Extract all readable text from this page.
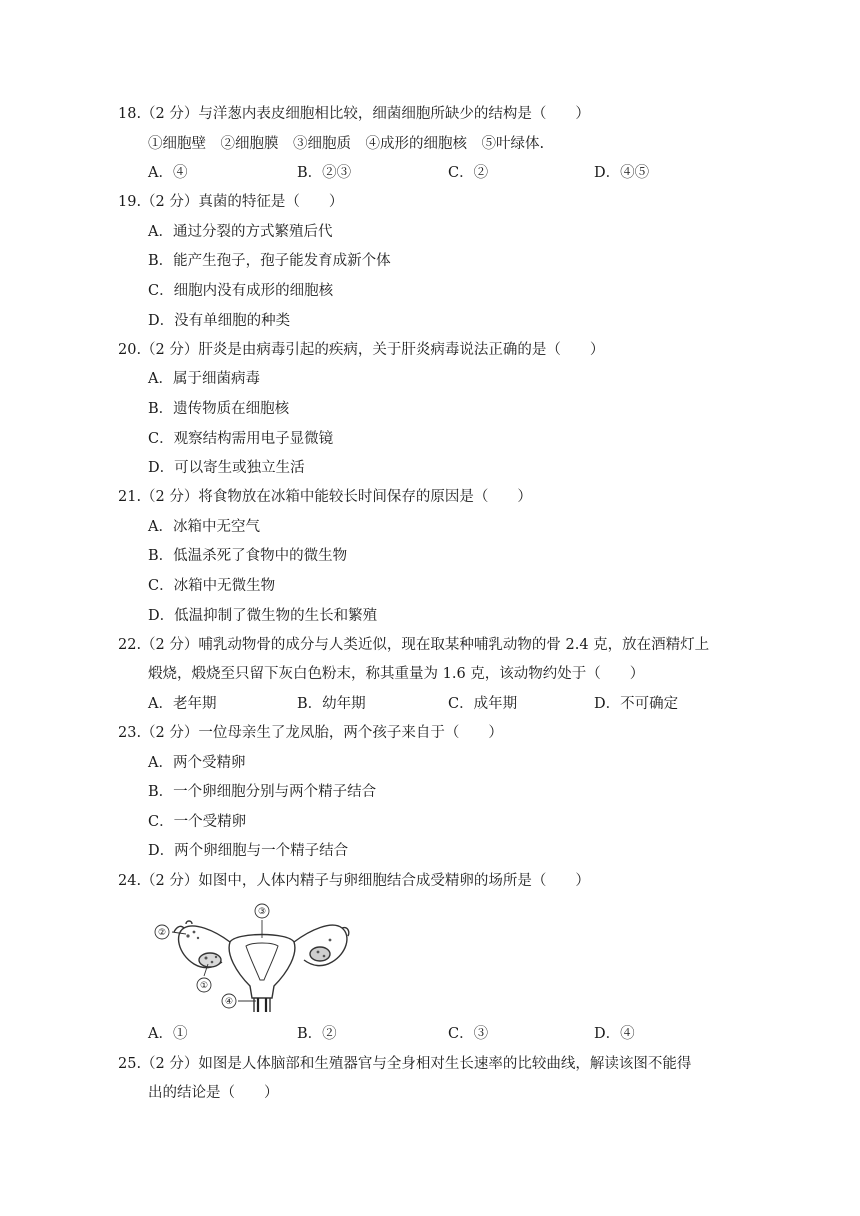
18.（2 分）与洋葱内表皮细胞相比较，细菌细胞所缺少的结构是（　　）
①细胞壁　②细胞膜　③细胞质　④成形的细胞核　⑤叶绿体.
A．④	B．②③	C．②	D．④⑤
19.（2 分）真菌的特征是（　　）
A．通过分裂的方式繁殖后代
B．能产生孢子，孢子能发育成新个体
C．细胞内没有成形的细胞核
D．没有单细胞的种类
20.（2 分）肝炎是由病毒引起的疾病，关于肝炎病毒说法正确的是（　　）
A．属于细菌病毒
B．遗传物质在细胞核
C．观察结构需用电子显微镜
D．可以寄生或独立生活
21.（2 分）将食物放在冰箱中能较长时间保存的原因是（　　）
A．冰箱中无空气
B．低温杀死了食物中的微生物
C．冰箱中无微生物
D．低温抑制了微生物的生长和繁殖
22.（2 分）哺乳动物骨的成分与人类近似，现在取某种哺乳动物的骨 2.4 克，放在酒精灯上
煅烧，煅烧至只留下灰白色粉末，称其重量为 1.6 克，该动物约处于（　　）
A．老年期	B．幼年期	C．成年期	D．不可确定
23.（2 分）一位母亲生了龙凤胎，两个孩子来自于（　　）
A．两个受精卵
B．一个卵细胞分别与两个精子结合
C．一个受精卵
D．两个卵细胞与一个精子结合
24.（2 分）如图中，人体内精子与卵细胞结合成受精卵的场所是（　　）
①
②
③
④
A．①	B．②	C．③	D．④
25.（2 分）如图是人体脑部和生殖器官与全身相对生长速率的比较曲线，解读该图不能得
出的结论是（　　）
